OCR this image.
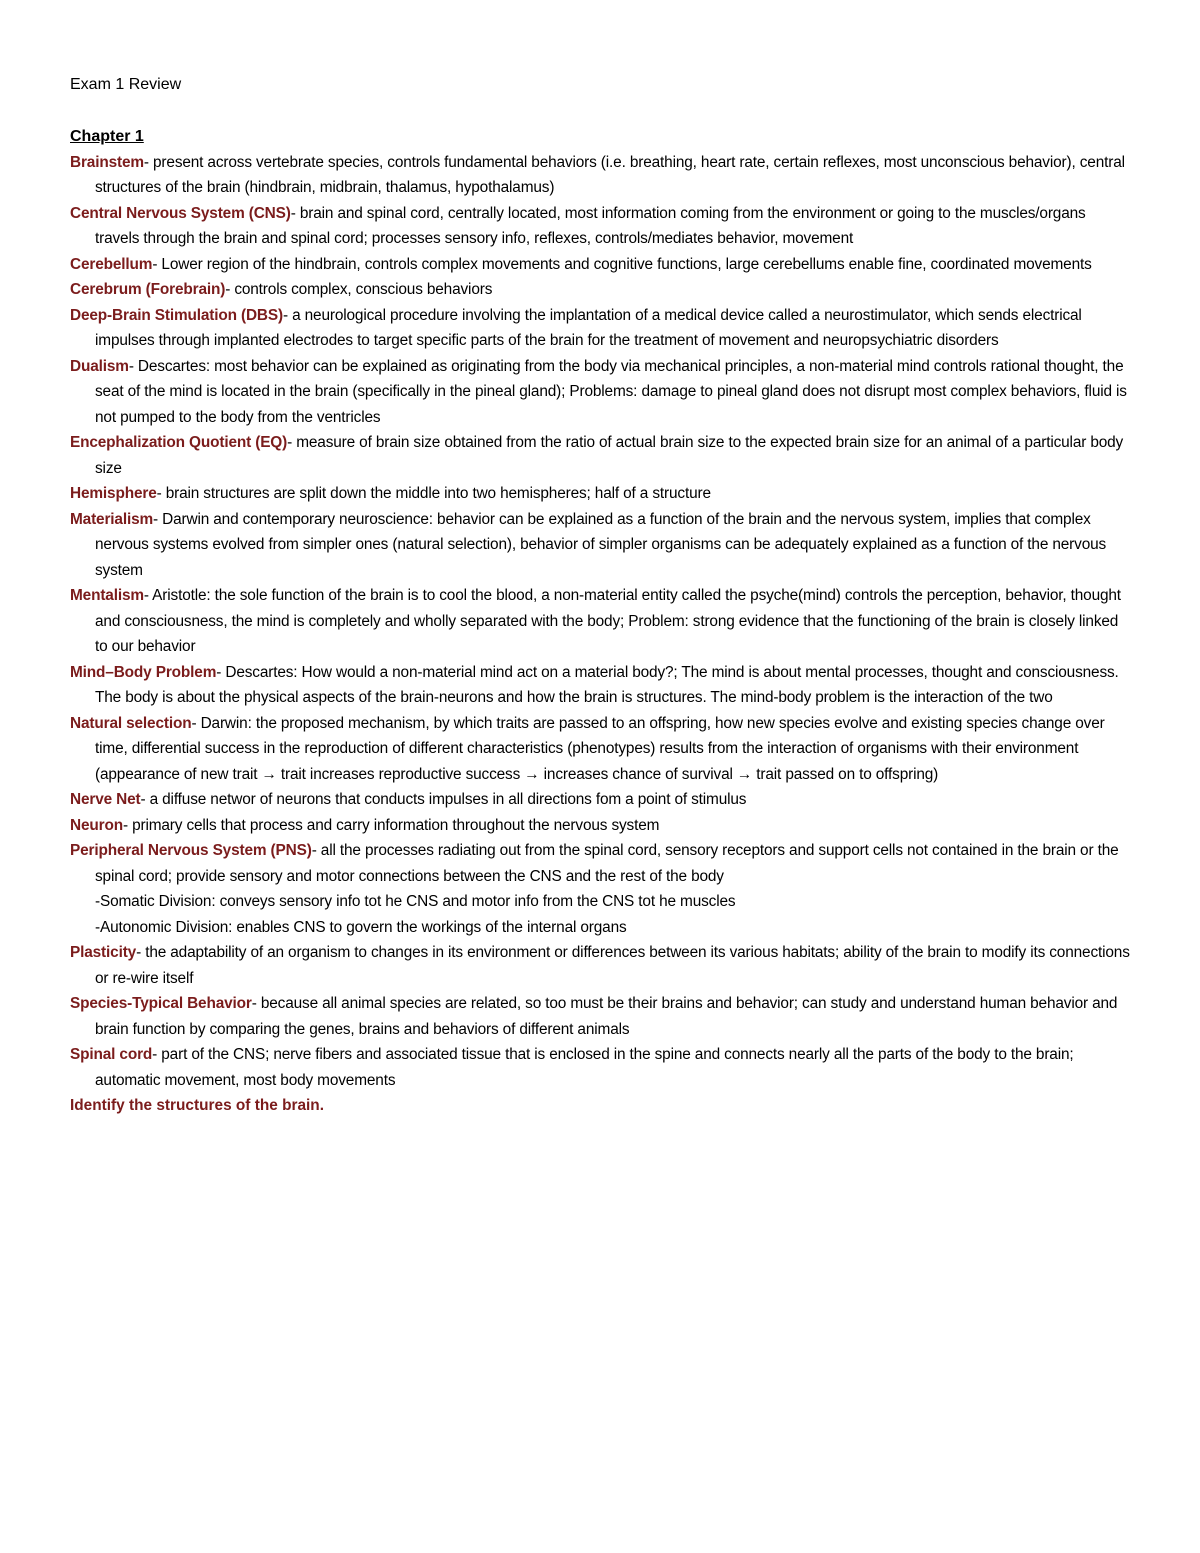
Exam 1 Review

Chapter 1

Brainstem- present across vertebrate species, controls fundamental behaviors (i.e. breathing, heart rate, certain reflexes, most unconscious behavior), central structures of the brain (hindbrain, midbrain, thalamus, hypothalamus)

Central Nervous System (CNS)- brain and spinal cord, centrally located, most information coming from the environment or going to the muscles/organs travels through the brain and spinal cord; processes sensory info, reflexes, controls/mediates behavior, movement

Cerebellum- Lower region of the hindbrain, controls complex movements and cognitive functions, large cerebellums enable fine, coordinated movements

Cerebrum (Forebrain)- controls complex, conscious behaviors

Deep-Brain Stimulation (DBS)- a neurological procedure involving the implantation of a medical device called a neurostimulator, which sends electrical impulses through implanted electrodes to target specific parts of the brain for the treatment of movement and neuropsychiatric disorders

Dualism- Descartes: most behavior can be explained as originating from the body via mechanical principles, a non-material mind controls rational thought, the seat of the mind is located in the brain (specifically in the pineal gland); Problems: damage to pineal gland does not disrupt most complex behaviors, fluid is not pumped to the body from the ventricles

Encephalization Quotient (EQ)- measure of brain size obtained from the ratio of actual brain size to the expected brain size for an animal of a particular body size

Hemisphere- brain structures are split down the middle into two hemispheres; half of a structure

Materialism- Darwin and contemporary neuroscience: behavior can be explained as a function of the brain and the nervous system, implies that complex nervous systems evolved from simpler ones (natural selection), behavior of simpler organisms can be adequately explained as a function of the nervous system

Mentalism- Aristotle: the sole function of the brain is to cool the blood, a non-material entity called the psyche(mind) controls the perception, behavior, thought and consciousness, the mind is completely and wholly separated with the body; Problem: strong evidence that the functioning of the brain is closely linked to our behavior

Mind–Body Problem- Descartes: How would a non-material mind act on a material body?; The mind is about mental processes, thought and consciousness. The body is about the physical aspects of the brain-neurons and how the brain is structures. The mind-body problem is the interaction of the two

Natural selection- Darwin: the proposed mechanism, by which traits are passed to an offspring, how new species evolve and existing species change over time, differential success in the reproduction of different characteristics (phenotypes) results from the interaction of organisms with their environment (appearance of new trait → trait increases reproductive success → increases chance of survival → trait passed on to offspring)

Nerve Net- a diffuse networ of neurons that conducts impulses in all directions fom a point of stimulus

Neuron- primary cells that process and carry information throughout the nervous system

Peripheral Nervous System (PNS)- all the processes radiating out from the spinal cord, sensory receptors and support cells not contained in the brain or the spinal cord; provide sensory and motor connections between the CNS and the rest of the body
-Somatic Division: conveys sensory info tot he CNS and motor info from the CNS tot he muscles
-Autonomic Division: enables CNS to govern the workings of the internal organs

Plasticity- the adaptability of an organism to changes in its environment or differences between its various habitats; ability of the brain to modify its connections or re-wire itself

Species-Typical Behavior- because all animal species are related, so too must be their brains and behavior; can study and understand human behavior and brain function by comparing the genes, brains and behaviors of different animals

Spinal cord- part of the CNS; nerve fibers and associated tissue that is enclosed in the spine and connects nearly all the parts of the body to the brain; automatic movement, most body movements

Identify the structures of the brain.
